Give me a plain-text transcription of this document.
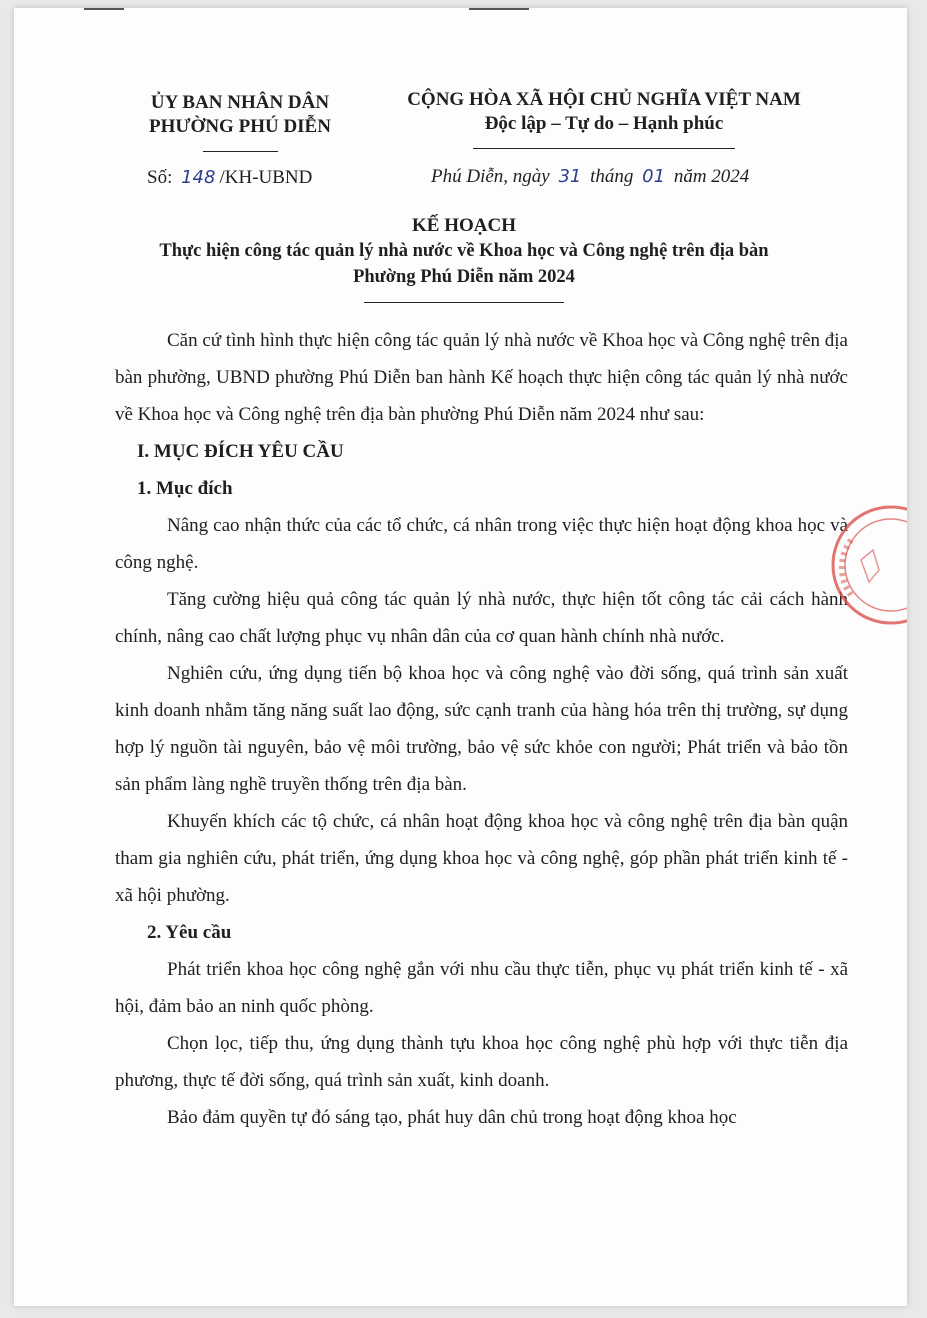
ỦY BAN NHÂN DÂN
PHƯỜNG PHÚ DIỄN
CỘNG HÒA XÃ HỘI CHỦ NGHĨA VIỆT NAM
Độc lập – Tự do – Hạnh phúc
Số: 148 /KH-UBND	Phú Diễn, ngày 31 tháng 01 năm 2024
KẾ HOẠCH
Thực hiện công tác quản lý nhà nước về Khoa học và Công nghệ trên địa bàn
Phường Phú Diễn năm 2024

Căn cứ tình hình thực hiện công tác quản lý nhà nước về Khoa học và Công nghệ trên địa bàn phường, UBND phường Phú Diễn ban hành Kế hoạch thực hiện công tác quản lý nhà nước về Khoa học và Công nghệ trên địa bàn phường Phú Diễn năm 2024 như sau:

I. MỤC ĐÍCH YÊU CẦU

1. Mục đích

Nâng cao nhận thức của các tổ chức, cá nhân trong việc thực hiện hoạt động khoa học và công nghệ.

Tăng cường hiệu quả công tác quản lý nhà nước, thực hiện tốt công tác cải cách hành chính, nâng cao chất lượng phục vụ nhân dân của cơ quan hành chính nhà nước.

Nghiên cứu, ứng dụng tiến bộ khoa học và công nghệ vào đời sống, quá trình sản xuất kinh doanh nhằm tăng năng suất lao động, sức cạnh tranh của hàng hóa trên thị trường, sự dụng hợp lý nguồn tài nguyên, bảo vệ môi trường, bảo vệ sức khỏe con người; Phát triển và bảo tồn sản phẩm làng nghề truyền thống trên địa bàn.

Khuyến khích các tộ chức, cá nhân hoạt động khoa học và công nghệ trên địa bàn quận tham gia nghiên cứu, phát triển, ứng dụng khoa học và công nghệ, góp phần phát triển kinh tế - xã hội phường.

2. Yêu cầu

Phát triển khoa học công nghệ gắn với nhu cầu thực tiễn, phục vụ phát triển kinh tế - xã hội, đảm bảo an ninh quốc phòng.

Chọn lọc, tiếp thu, ứng dụng thành tựu khoa học công nghệ phù hợp với thực tiễn địa phương, thực tế đời sống, quá trình sản xuất, kinh doanh.

Bảo đảm quyền tự đó sáng tạo, phát huy dân chủ trong hoạt động khoa học
